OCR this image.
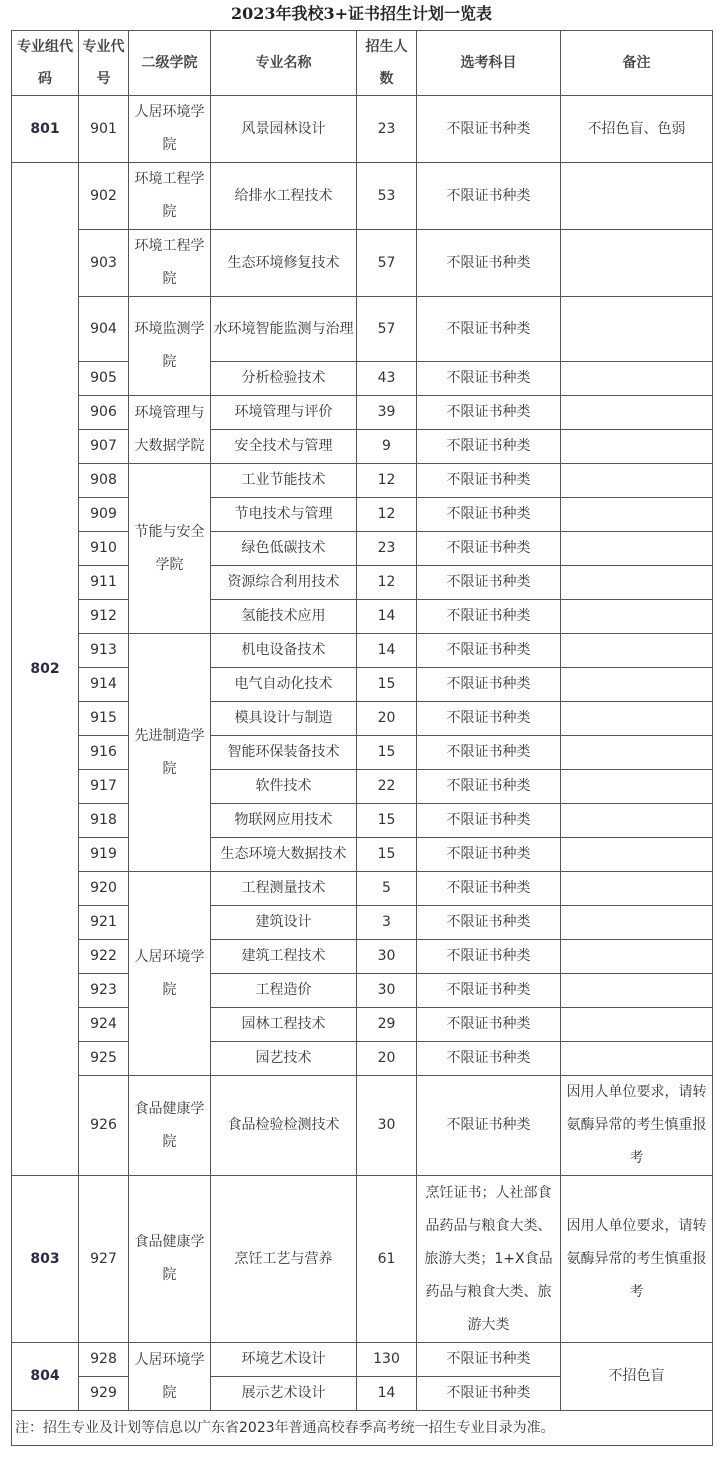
2023年我校3+证书招生计划一览表
专业组代码	专业代号	二级学院	专业名称	招生人数	选考科目	备注
801	901	人居环境学院	风景园林设计	23	不限证书种类	不招色盲、色弱
802	902	环境工程学院	给排水工程技术	53	不限证书种类	
	903	环境工程学院	生态环境修复技术	57	不限证书种类	
	904	环境监测学院	水环境智能监测与治理	57	不限证书种类	
	905		分析检验技术	43	不限证书种类	
	906	环境管理与大数据学院	环境管理与评价	39	不限证书种类	
	907		安全技术与管理	9	不限证书种类	
	908	节能与安全学院	工业节能技术	12	不限证书种类	
	909		节电技术与管理	12	不限证书种类	
	910		绿色低碳技术	23	不限证书种类	
	911		资源综合利用技术	12	不限证书种类	
	912		氢能技术应用	14	不限证书种类	
	913	先进制造学院	机电设备技术	14	不限证书种类	
	914		电气自动化技术	15	不限证书种类	
	915		模具设计与制造	20	不限证书种类	
	916		智能环保装备技术	15	不限证书种类	
	917		软件技术	22	不限证书种类	
	918		物联网应用技术	15	不限证书种类	
	919		生态环境大数据技术	15	不限证书种类	
	920	人居环境学院	工程测量技术	5	不限证书种类	
	921		建筑设计	3	不限证书种类	
	922		建筑工程技术	30	不限证书种类	
	923		工程造价	30	不限证书种类	
	924		园林工程技术	29	不限证书种类	
	925		园艺技术	20	不限证书种类	
	926	食品健康学院	食品检验检测技术	30	不限证书种类	因用人单位要求，请转氨酶异常的考生慎重报考
803	927	食品健康学院	烹饪工艺与营养	61	烹饪证书；人社部食品药品与粮食大类、旅游大类；1+X食品药品与粮食大类、旅游大类	因用人单位要求，请转氨酶异常的考生慎重报考
804	928	人居环境学院	环境艺术设计	130	不限证书种类	不招色盲
	929		展示艺术设计	14	不限证书种类	
注：招生专业及计划等信息以广东省2023年普通高校春季高考统一招生专业目录为准。						
